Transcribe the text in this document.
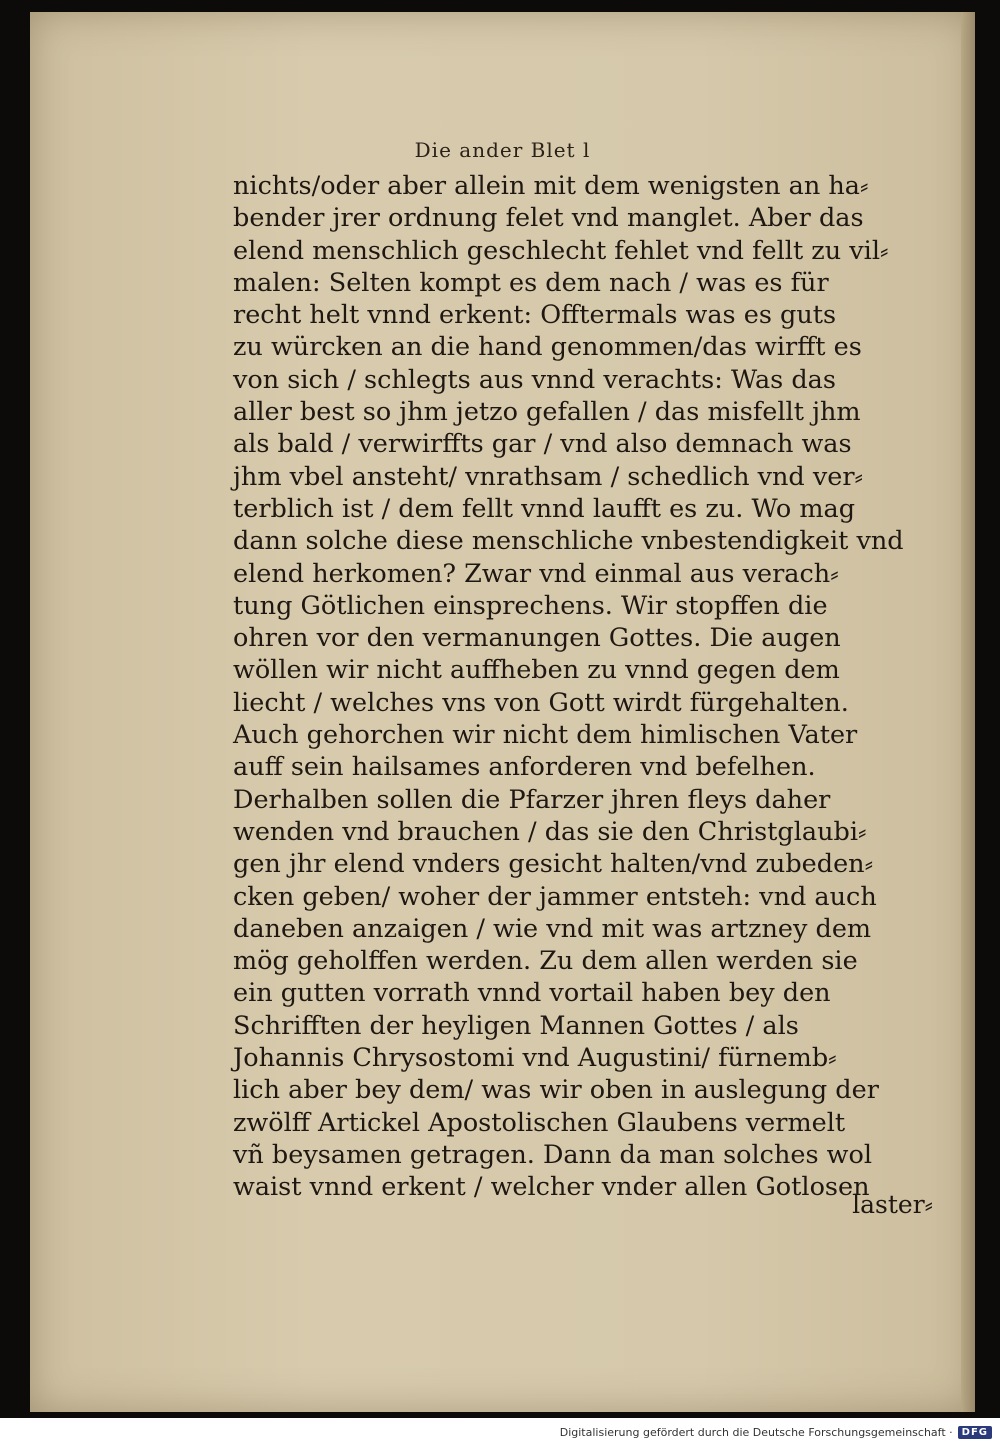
Die ander Blet l
nichts/oder aber allein mit dem wenigsten an ha⸗
bender jrer ordnung felet vnd manglet. Aber das
elend menschlich geschlecht fehlet vnd fellt zu vil⸗
malen: Selten kompt es dem nach / was es für
recht helt vnnd erkent: Offtermals was es guts
zu würcken an die hand genommen/das wirfft es
von sich / schlegts aus vnnd verachts: Was das
aller best so jhm jetzo gefallen / das misfellt jhm
als bald / verwirffts gar / vnd also demnach was
jhm vbel ansteht/ vnrathsam / schedlich vnd ver⸗
terblich ist / dem fellt vnnd laufft es zu. Wo mag
dann solche diese menschliche vnbestendigkeit vnd
elend herkomen? Zwar vnd einmal aus verach⸗
tung Götlichen einsprechens. Wir stopffen die
ohren vor den vermanungen Gottes. Die augen
wöllen wir nicht auffheben zu vnnd gegen dem
liecht / welches vns von Gott wirdt fürgehalten.
Auch gehorchen wir nicht dem himlischen Vater
auff sein hailsames anforderen vnd befelhen.
Derhalben sollen die Pfarzer jhren fleys daher
wenden vnd brauchen / das sie den Christglaubi⸗
gen jhr elend vnders gesicht halten/vnd zubeden⸗
cken geben/ woher der jammer entsteh: vnd auch
daneben anzaigen / wie vnd mit was artzney dem
mög geholffen werden. Zu dem allen werden sie
ein gutten vorrath vnnd vortail haben bey den
Schrifften der heyligen Mannen Gottes / als
Johannis Chrysostomi vnd Augustini/ fürnemb⸗
lich aber bey dem/ was wir oben in auslegung der
zwölff Artickel Apostolischen Glaubens vermelt
vñ beysamen getragen. Dann da man solches wol
waist vnnd erkent / welcher vnder allen Gotlosen
laster⸗
Digitalisierung gefördert durch die Deutsche Forschungsgemeinschaft · DFG
